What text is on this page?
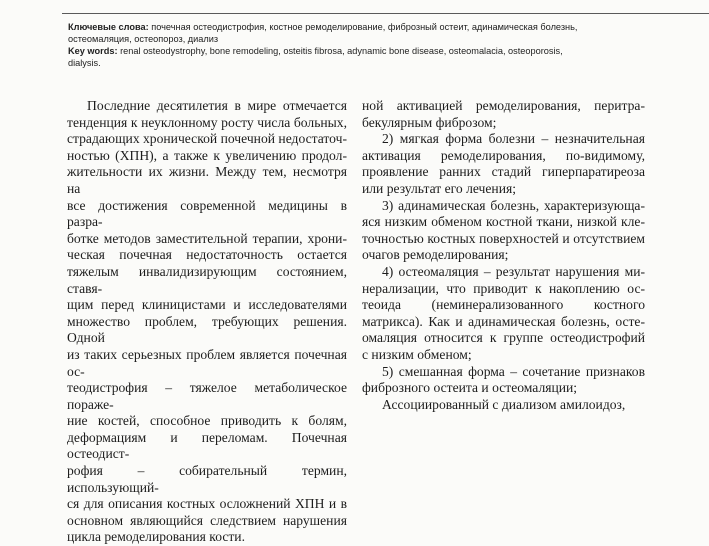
Ключевые слова: почечная остеодистрофия, костное ремоделирование, фиброзный остеит, адинамическая болезнь,

остеомаляция, остеопороз, диализ

Key words: renal osteodystrophy, bone remodeling, osteitis fibrosa, adynamic bone disease, osteomalacia, osteoporosis,

dialysis.

Последние десятилетия в мире отмечается
тенденция к неуклонному росту числа больных,
страдающих хронической почечной недостаточ-
ностью (ХПН), а также к увеличению продол-
жительности их жизни. Между тем, несмотря на
все достижения современной медицины в разра-
ботке методов заместительной терапии, хрони-
ческая почечная недостаточность остается
тяжелым инвалидизирующим состоянием, ставя-
щим перед клиницистами и исследователями
множество проблем, требующих решения. Одной
из таких серьезных проблем является почечная ос-
теодистрофия – тяжелое метаболическое пораже-
ние костей, способное приводить к болям,
деформациям и переломам. Почечная остеодист-
рофия – собирательный термин, использующий-
ся для описания костных осложнений ХПН и в
основном являющийся следствием нарушения
цикла ремоделирования кости.
ной активацией ремоделирования, перитра-
бекулярным фиброзом;
2) мягкая форма болезни – незначительная
активация ремоделирования, по-видимому,
проявление ранних стадий гиперпаратиреоза
или результат его лечения;
3) адинамическая болезнь, характеризующа-
яся низким обменом костной ткани, низкой кле-
точностью костных поверхностей и отсутствием
очагов ремоделирования;
4) остеомаляция – результат нарушения ми-
нерализации, что приводит к накоплению ос-
теоида (неминерализованного костного
матрикса). Как и адинамическая болезнь, осте-
омаляция относится к группе остеодистрофий
с низким обменом;
5) смешанная форма – сочетание признаков
фиброзного остеита и остеомаляции;
Ассоциированный с диализом амилоидоз,
